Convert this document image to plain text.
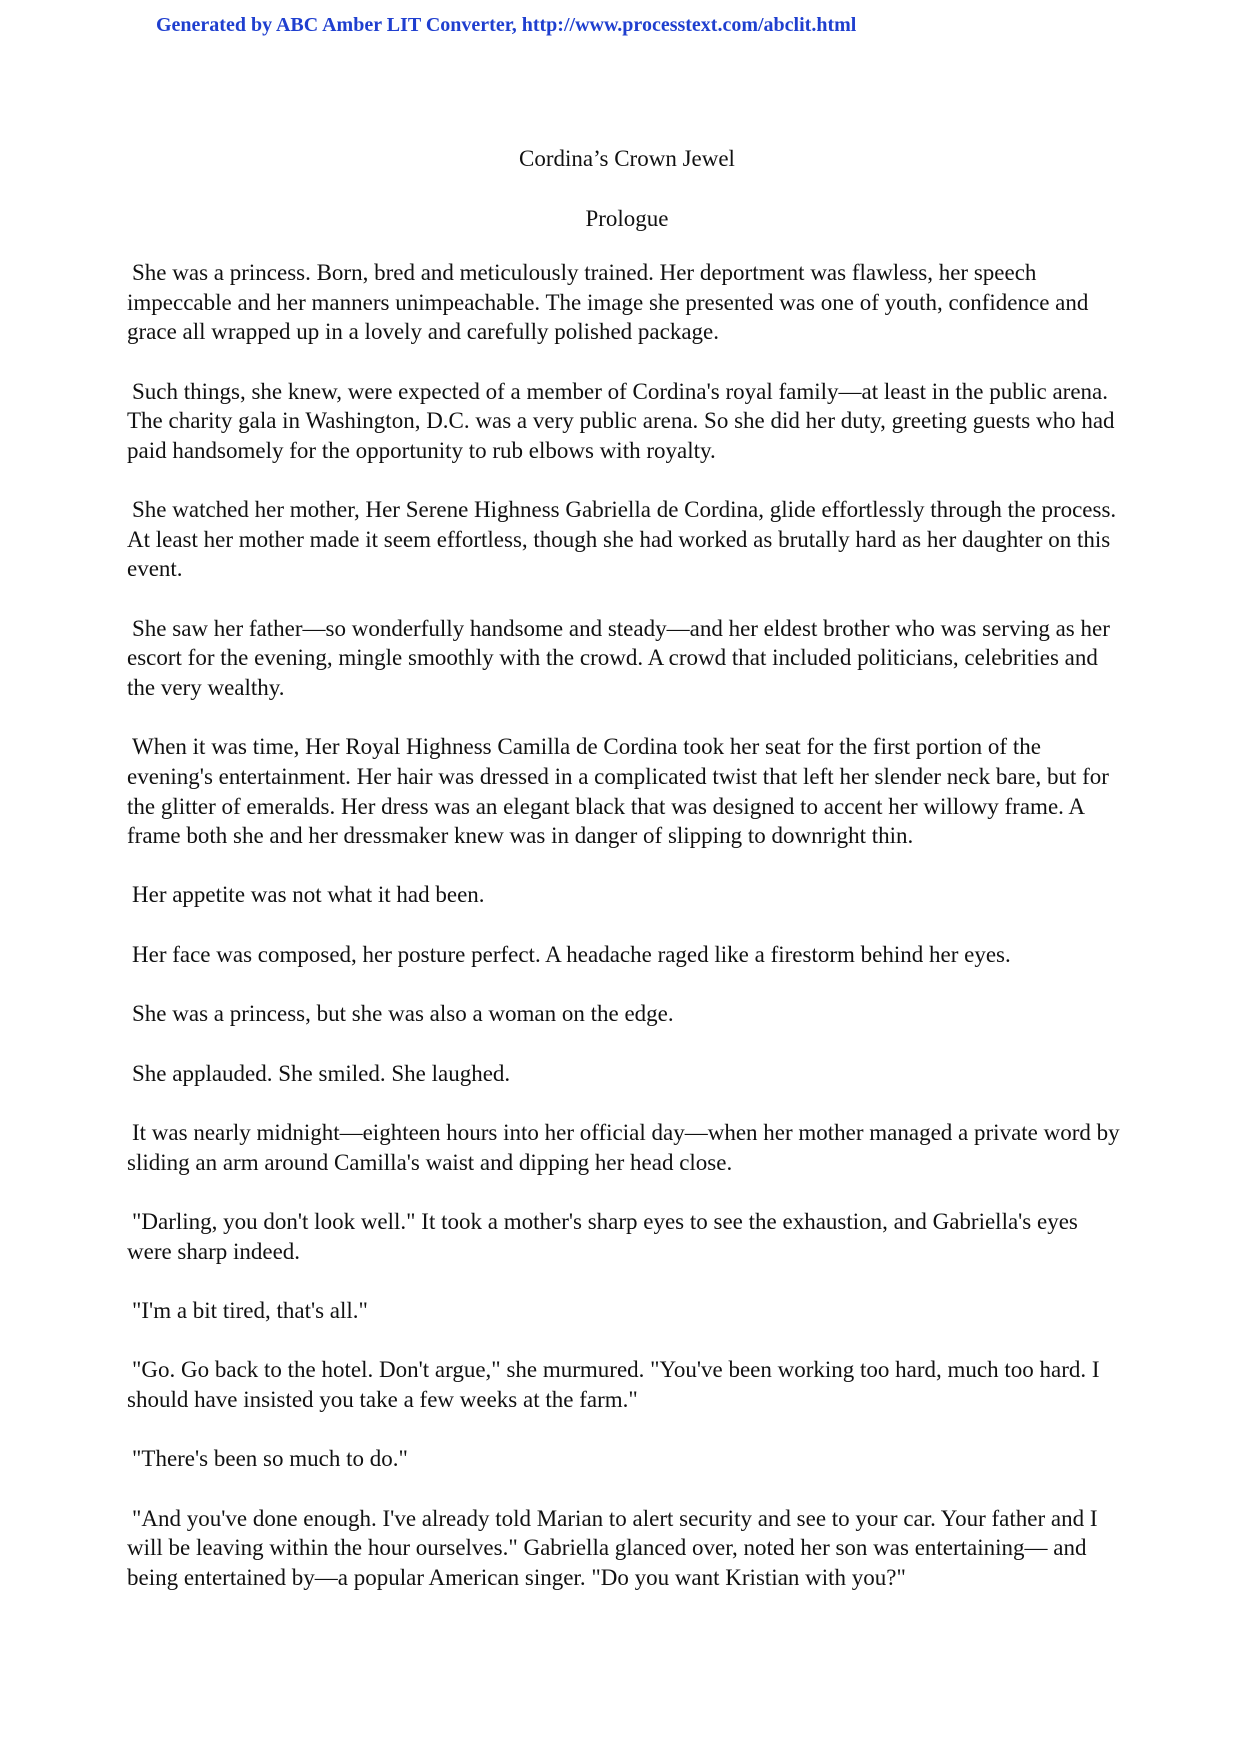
Generated by ABC Amber LIT Converter, http://www.processtext.com/abclit.html
Cordina’s Crown Jewel
Prologue

She was a princess. Born, bred and meticulously trained. Her deportment was flawless, her speech impeccable and her manners unimpeachable. The image she presented was one of youth, confidence and grace all wrapped up in a lovely and carefully polished package.

Such things, she knew, were expected of a member of Cordina's royal family—at least in the public arena. The charity gala in Washington, D.C. was a very public arena. So she did her duty, greeting guests who had paid handsomely for the opportunity to rub elbows with royalty.

She watched her mother, Her Serene Highness Gabriella de Cordina, glide effortlessly through the process. At least her mother made it seem effortless, though she had worked as brutally hard as her daughter on this event.

She saw her father—so wonderfully handsome and steady—and her eldest brother who was serving as her escort for the evening, mingle smoothly with the crowd. A crowd that included politicians, celebrities and the very wealthy.

When it was time, Her Royal Highness Camilla de Cordina took her seat for the first portion of the evening's entertainment. Her hair was dressed in a complicated twist that left her slender neck bare, but for the glitter of emeralds. Her dress was an elegant black that was designed to accent her willowy frame. A frame both she and her dressmaker knew was in danger of slipping to downright thin.

Her appetite was not what it had been.

Her face was composed, her posture perfect. A headache raged like a firestorm behind her eyes.

She was a princess, but she was also a woman on the edge.

She applauded. She smiled. She laughed.

It was nearly midnight—eighteen hours into her official day—when her mother managed a private word by sliding an arm around Camilla's waist and dipping her head close.

"Darling, you don't look well." It took a mother's sharp eyes to see the exhaustion, and Gabriella's eyes were sharp indeed.

"I'm a bit tired, that's all."

"Go. Go back to the hotel. Don't argue," she murmured. "You've been working too hard, much too hard. I should have insisted you take a few weeks at the farm."

"There's been so much to do."

"And you've done enough. I've already told Marian to alert security and see to your car. Your father and I will be leaving within the hour ourselves." Gabriella glanced over, noted her son was entertaining— and being entertained by—a popular American singer. "Do you want Kristian with you?"
